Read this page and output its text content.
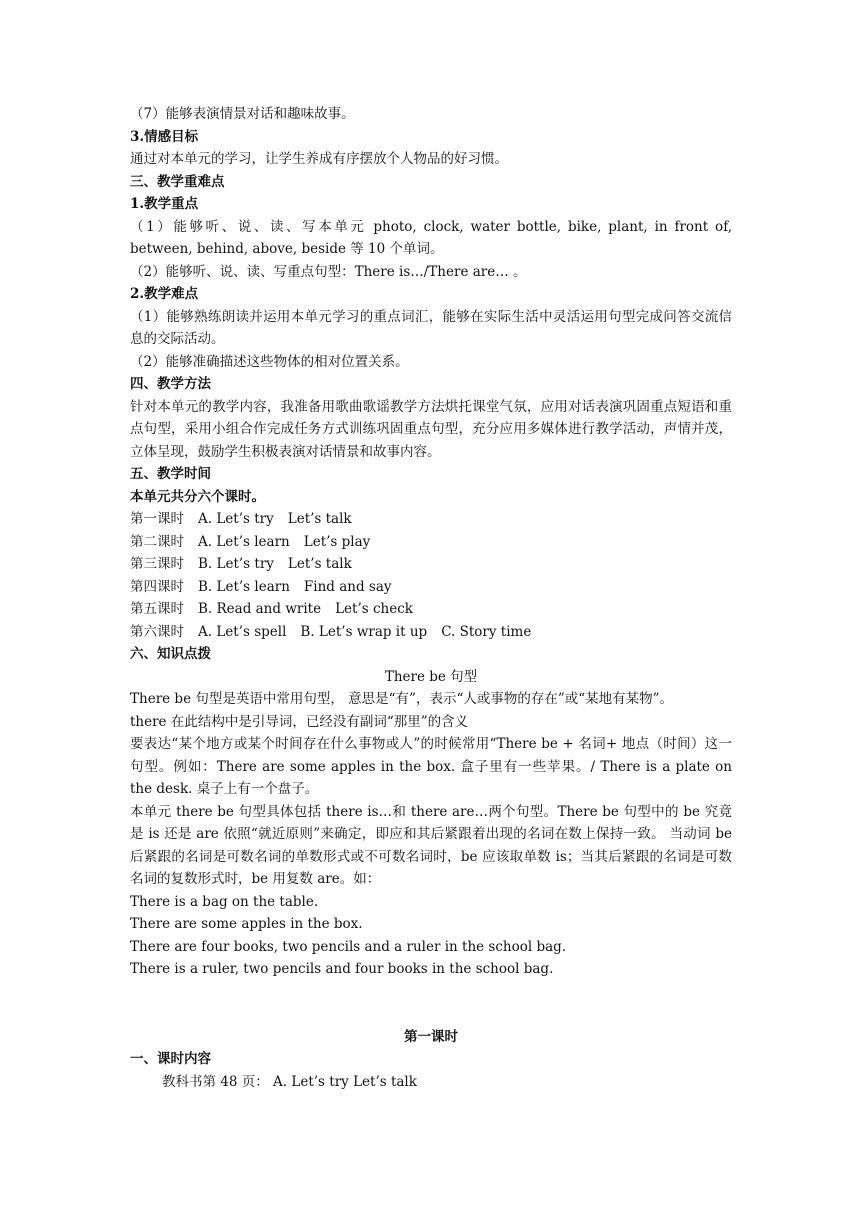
（7）能够表演情景对话和趣味故事。
3.情感目标
通过对本单元的学习，让学生养成有序摆放个人物品的好习惯。
三、教学重难点
1.教学重点
（1）能够听、说、读、写本单元 photo, clock, water bottle, bike, plant, in front of, between, behind, above, beside 等 10 个单词。
（2）能够听、说、读、写重点句型：There is…/There are… 。
2.教学难点
（1）能够熟练朗读并运用本单元学习的重点词汇，能够在实际生活中灵活运用句型完成问答交流信息的交际活动。
（2）能够准确描述这些物体的相对位置关系。
四、教学方法
针对本单元的教学内容，我准备用歌曲歌谣教学方法烘托课堂气氛，应用对话表演巩固重点短语和重点句型，采用小组合作完成任务方式训练巩固重点句型，充分应用多媒体进行教学活动，声情并茂，立体呈现，鼓励学生积极表演对话情景和故事内容。
五、教学时间
本单元共分六个课时。
第一课时 A. Let’s try Let’s talk
第二课时 A. Let’s learn Let’s play
第三课时 B. Let’s try Let’s talk
第四课时 B. Let’s learn Find and say
第五课时 B. Read and write Let’s check
第六课时 A. Let’s spell B. Let’s wrap it up C. Story time
六、知识点拨
There be 句型
There be 句型是英语中常用句型， 意思是“有”，表示“人或事物的存在”或“某地有某物”。
there 在此结构中是引导词，已经没有副词“那里”的含义
要表达“某个地方或某个时间存在什么事物或人”的时候常用“There be + 名词+ 地点（时间）这一句型。例如：There are some apples in the box. 盒子里有一些苹果。/ There is a plate on the desk. 桌子上有一个盘子。
本单元 there be 句型具体包括 there is…和 there are…两个句型。There be 句型中的 be 究竟是 is 还是 are 依照“就近原则”来确定，即应和其后紧跟着出现的名词在数上保持一致。 当动词 be 后紧跟的名词是可数名词的单数形式或不可数名词时，be 应该取单数 is；当其后紧跟的名词是可数名词的复数形式时，be 用复数 are。如：
There is a bag on the table.
There are some apples in the box.
There are four books, two pencils and a ruler in the school bag.
There is a ruler, two pencils and four books in the school bag.
第一课时
一、课时内容
教科书第 48 页： A. Let’s try Let’s talk
